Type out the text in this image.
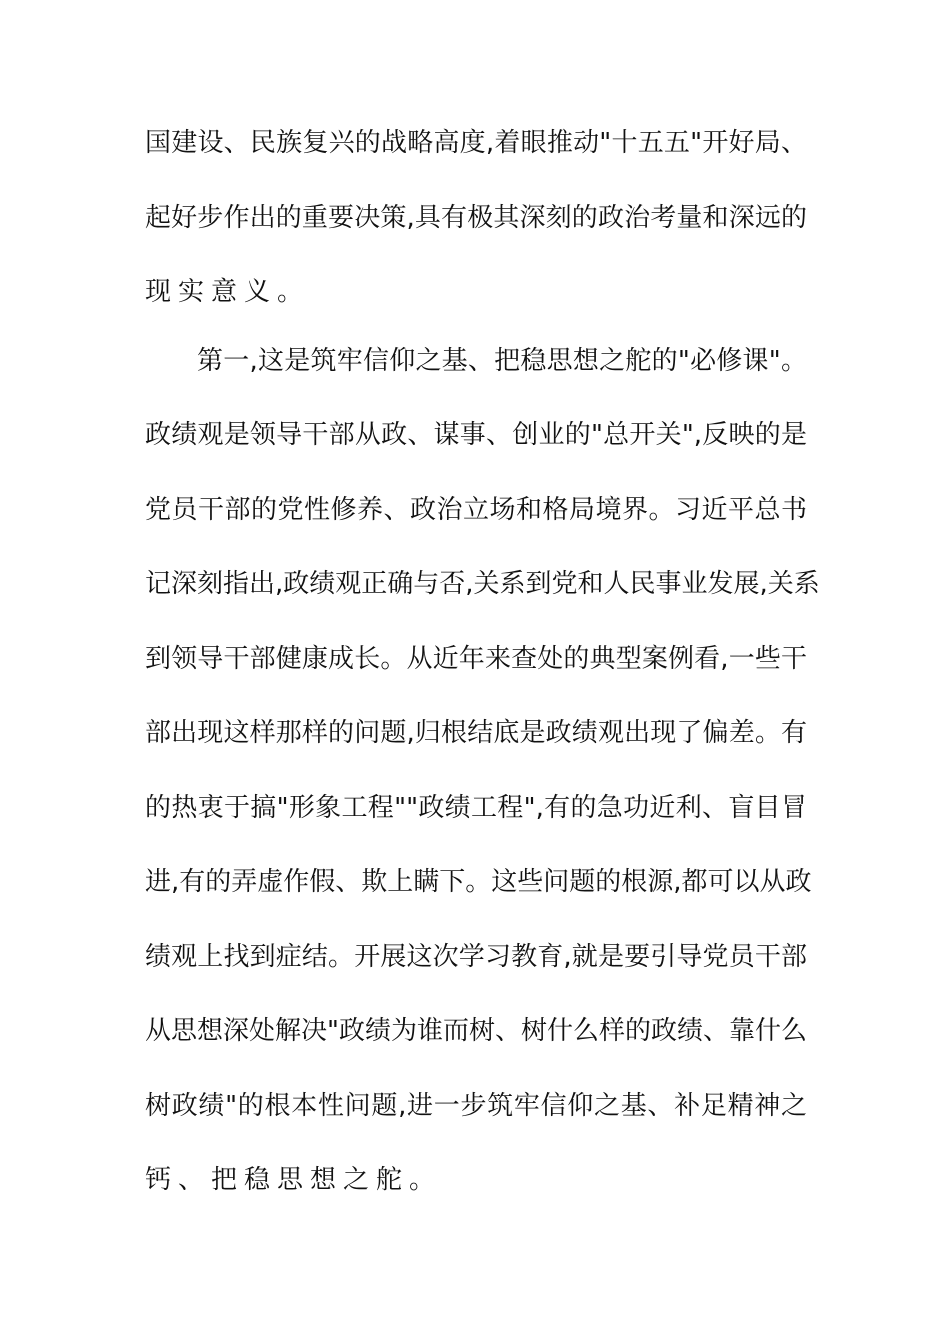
国建设、民族复兴的战略高度,着眼推动"十五五"开好局、
起好步作出的重要决策,具有极其深刻的政治考量和深远的
现实意义。
第一,这是筑牢信仰之基、把稳思想之舵的"必修课"。
政绩观是领导干部从政、谋事、创业的"总开关",反映的是
党员干部的党性修养、政治立场和格局境界。习近平总书
记深刻指出,政绩观正确与否,关系到党和人民事业发展,关系
到领导干部健康成长。从近年来查处的典型案例看,一些干
部出现这样那样的问题,归根结底是政绩观出现了偏差。有
的热衷于搞"形象工程""政绩工程",有的急功近利、盲目冒
进,有的弄虚作假、欺上瞒下。这些问题的根源,都可以从政
绩观上找到症结。开展这次学习教育,就是要引导党员干部
从思想深处解决"政绩为谁而树、树什么样的政绩、靠什么
树政绩"的根本性问题,进一步筑牢信仰之基、补足精神之
钙、把稳思想之舵。
